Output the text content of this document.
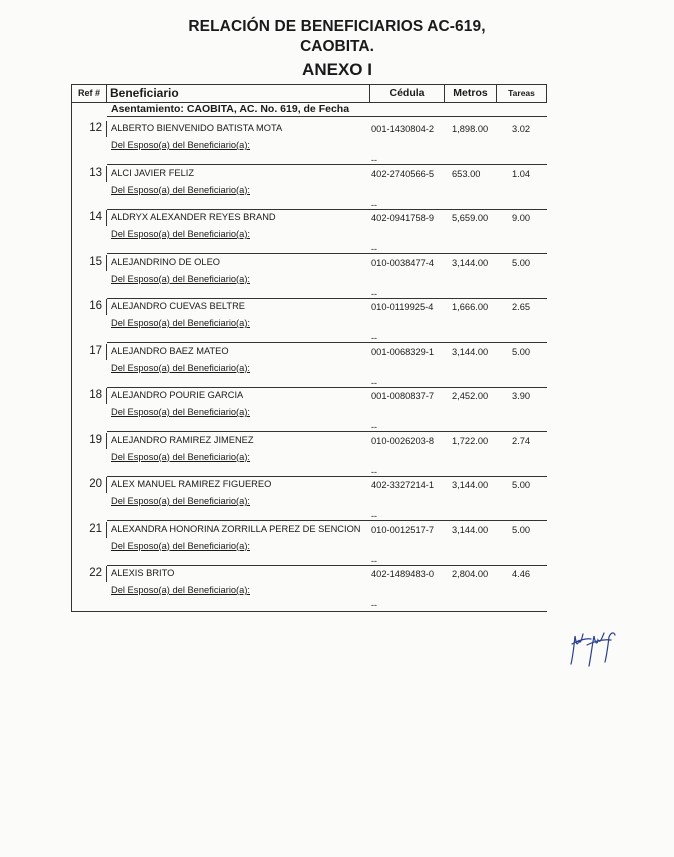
RELACIÓN DE BENEFICIARIOS AC-619,
CAOBITA.
ANEXO I
Ref # Beneficiario	Cédula	Metros	Tareas
Asentamiento: CAOBITA, AC. No. 619, de Fecha
12 ALBERTO BIENVENIDO BATISTA MOTA
Del Esposo(a) del Beneficiario(a):
001-1430804-2 1,898.00	3.02
--
13 ALCI JAVIER FELIZ
Del Esposo(a) del Beneficiario(a):
402-2740566-5 653.00	1.04
--
14 ALDRYX ALEXANDER REYES BRAND
Del Esposo(a) del Beneficiario(a):
402-0941758-9 5,659.00	9.00
--
15 ALEJANDRINO DE OLEO
Del Esposo(a) del Beneficiario(a):
010-0038477-4 3,144.00	5.00
--
16 ALEJANDRO CUEVAS BELTRE
Del Esposo(a) del Beneficiario(a):
010-0119925-4 1,666.00	2.65
--
17 ALEJANDRO BAEZ MATEO
Del Esposo(a) del Beneficiario(a):
001-0068329-1 3,144.00	5.00
--
18 ALEJANDRO POURIE GARCIA
Del Esposo(a) del Beneficiario(a):
001-0080837-7 2,452.00	3.90
--
19 ALEJANDRO RAMIREZ JIMENEZ
Del Esposo(a) del Beneficiario(a):
010-0026203-8 1,722.00	2.74
--
20 ALEX MANUEL RAMIREZ FIGUEREO
Del Esposo(a) del Beneficiario(a):
402-3327214-1 3,144.00	5.00
--
21 ALEXANDRA HONORINA ZORRILLA PEREZ DE SENCION
Del Esposo(a) del Beneficiario(a):
010-0012517-7 3,144.00	5.00
--
22 ALEXIS BRITO
Del Esposo(a) del Beneficiario(a):
402-1489483-0 2,804.00	4.46
--
